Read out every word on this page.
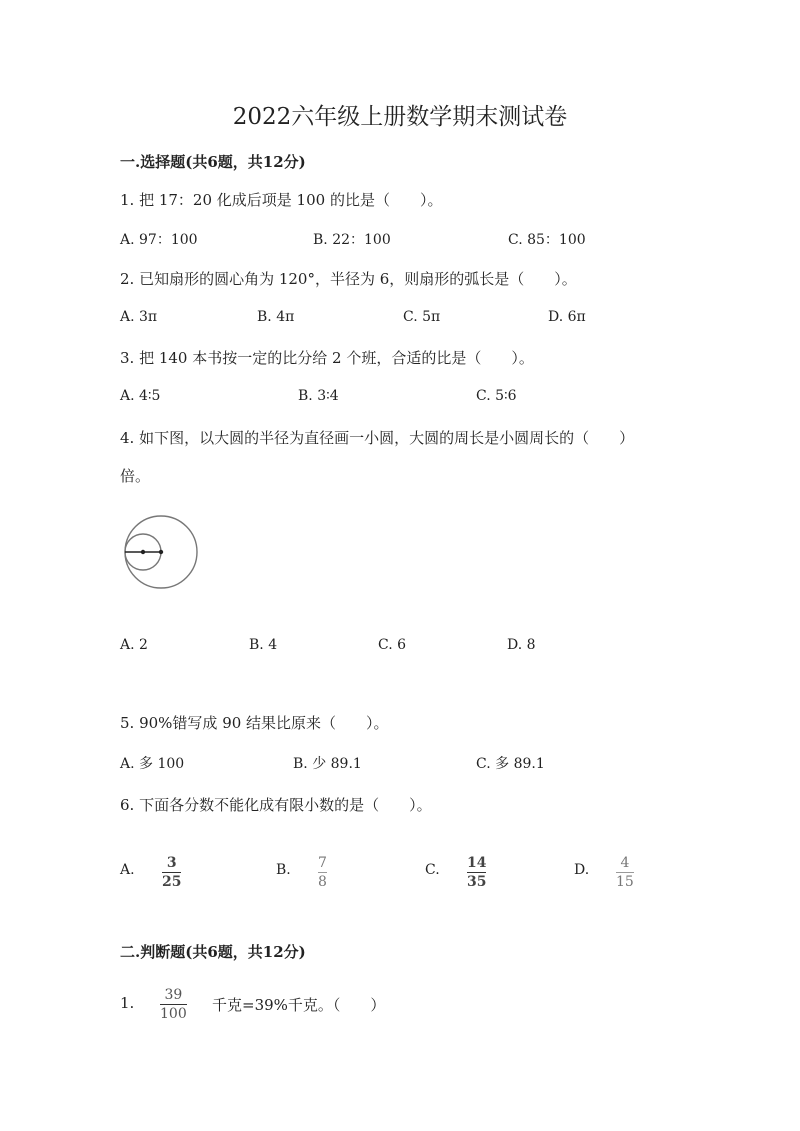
2022六年级上册数学期末测试卷
一.选择题(共6题，共12分)
1. 把 17：20 化成后项是 100 的比是（　　）。
A. 97：100	B. 22：100	C. 85：100
2. 已知扇形的圆心角为 120°，半径为 6，则扇形的弧长是（　　）。
A. 3π	B. 4π	C. 5π	D. 6π
3. 把 140 本书按一定的比分给 2 个班，合适的比是（　　）。
A. 4∶5	B. 3∶4	C. 5∶6
4. 如下图，以大圆的半径为直径画一小圆，大圆的周长是小圆周长的（　　）
倍。
A. 2	B. 4	C. 6	D. 8
5. 90%错写成 90 结果比原来（　　）。
A. 多 100	B. 少 89.1	C. 多 89.1
6. 下面各分数不能化成有限小数的是（　　）。
A. 3
25
B. 7
8
C. 14
35
D. 4
15
二.判断题(共6题，共12分)
1. 39
100 千克=39%千克。（　　）
